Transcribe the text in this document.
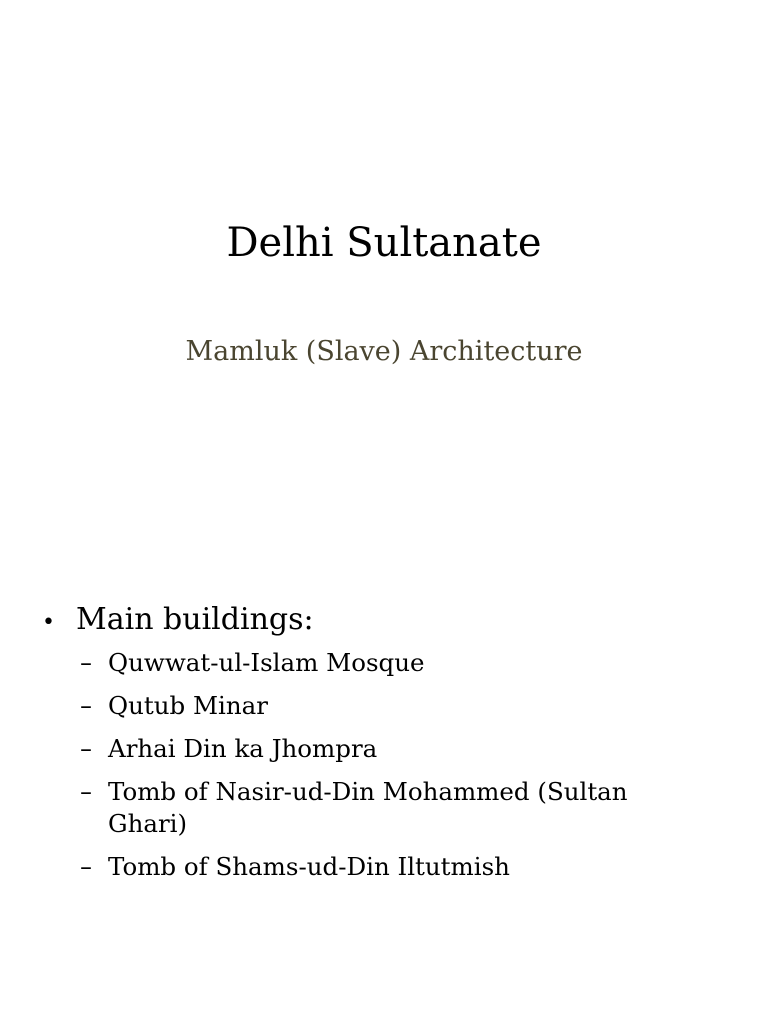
Delhi Sultanate
Mamluk (Slave) Architecture
• Main buildings:
– Quwwat-ul-Islam Mosque
– Qutub Minar
– Arhai Din ka Jhompra
– Tomb of Nasir-ud-Din Mohammed (Sultan Ghari)
– Tomb of Shams-ud-Din Iltutmish
